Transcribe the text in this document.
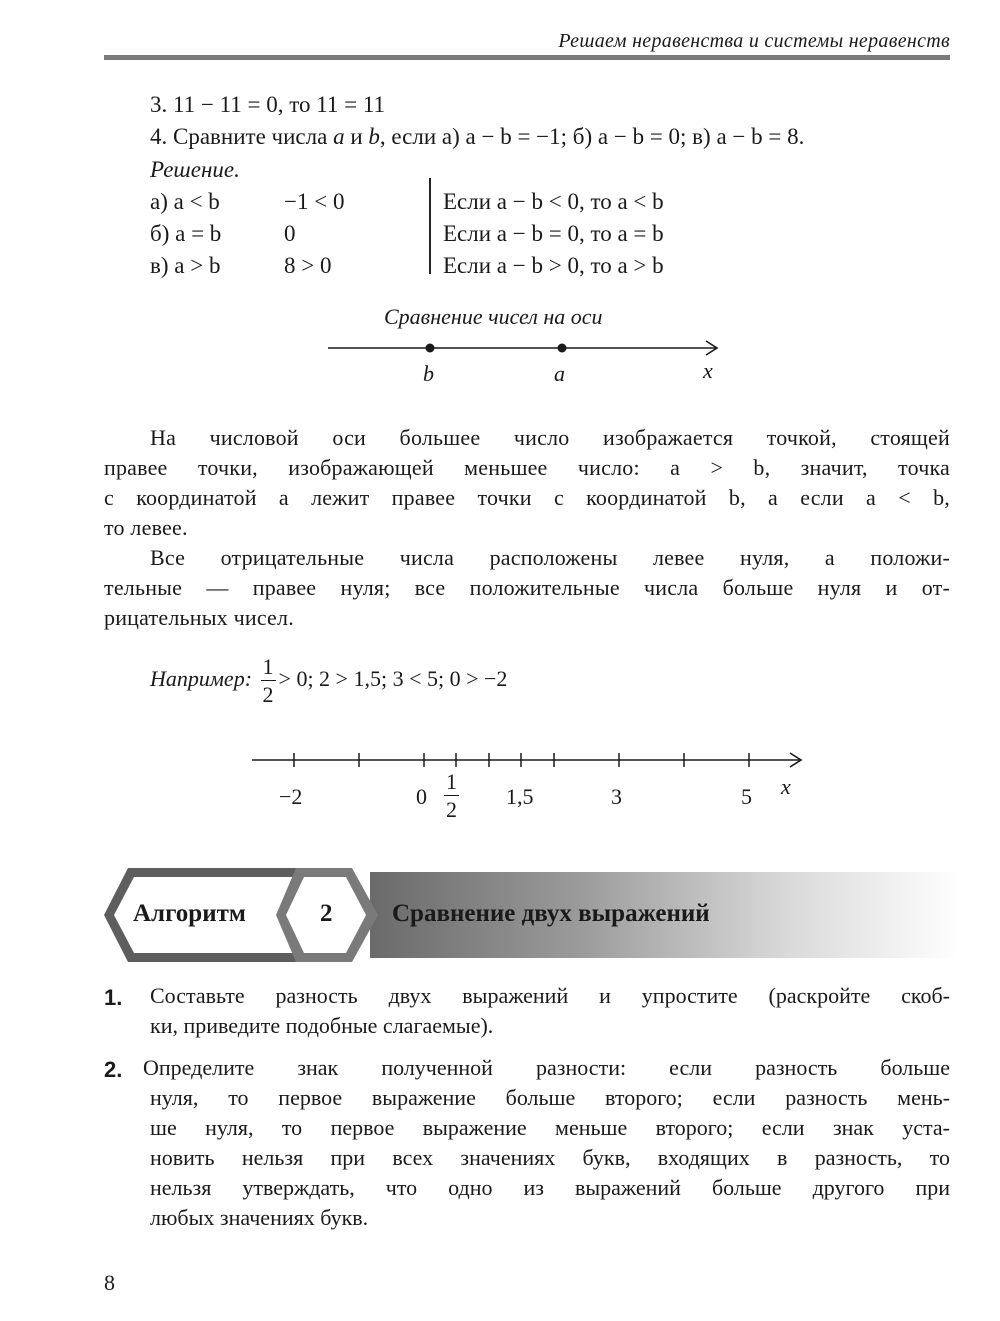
Решаем неравенства и системы неравенств
3. 11 − 11 = 0, то 11 = 11
4. Сравните числа a и b, если а) a − b = −1; б) a − b = 0; в) a − b = 8.
Решение.
а) a < b	−1 < 0	Если a − b < 0, то a < b
б) a = b	0	Если a − b = 0, то a = b
в) a > b	8 > 0	Если a − b > 0, то a > b
Сравнение чисел на оси
b	a	x
На числовой оси большее число изображается точкой, стоящей
правее точки, изображающей меньшее число: a > b, значит, точка
с координатой a лежит правее точки с координатой b, а если a < b,
то левее.
Все отрицательные числа расположены левее нуля, а положи-
тельные — правее нуля; все положительные числа больше нуля и от-
рицательных чисел.
Например: $\frac{1}{2} > 0$; 2 > 1,5; 3 < 5; 0 > −2
−2	0	1,5	3	5 x
$\frac{1}{2}$
Алгоритм	2 Сравнение двух выражений
1. Составьте разность двух выражений и упростите (раскройте скоб-

ки, приведите подобные слагаемые).

2. Определите знак полученной разности: если разность больше

нуля, то первое выражение больше второго; если разность мень-

ше нуля, то первое выражение меньше второго; если знак уста-

новить нельзя при всех значениях букв, входящих в разность, то

нельзя утверждать, что одно из выражений больше другого при

любых значениях букв.

8
